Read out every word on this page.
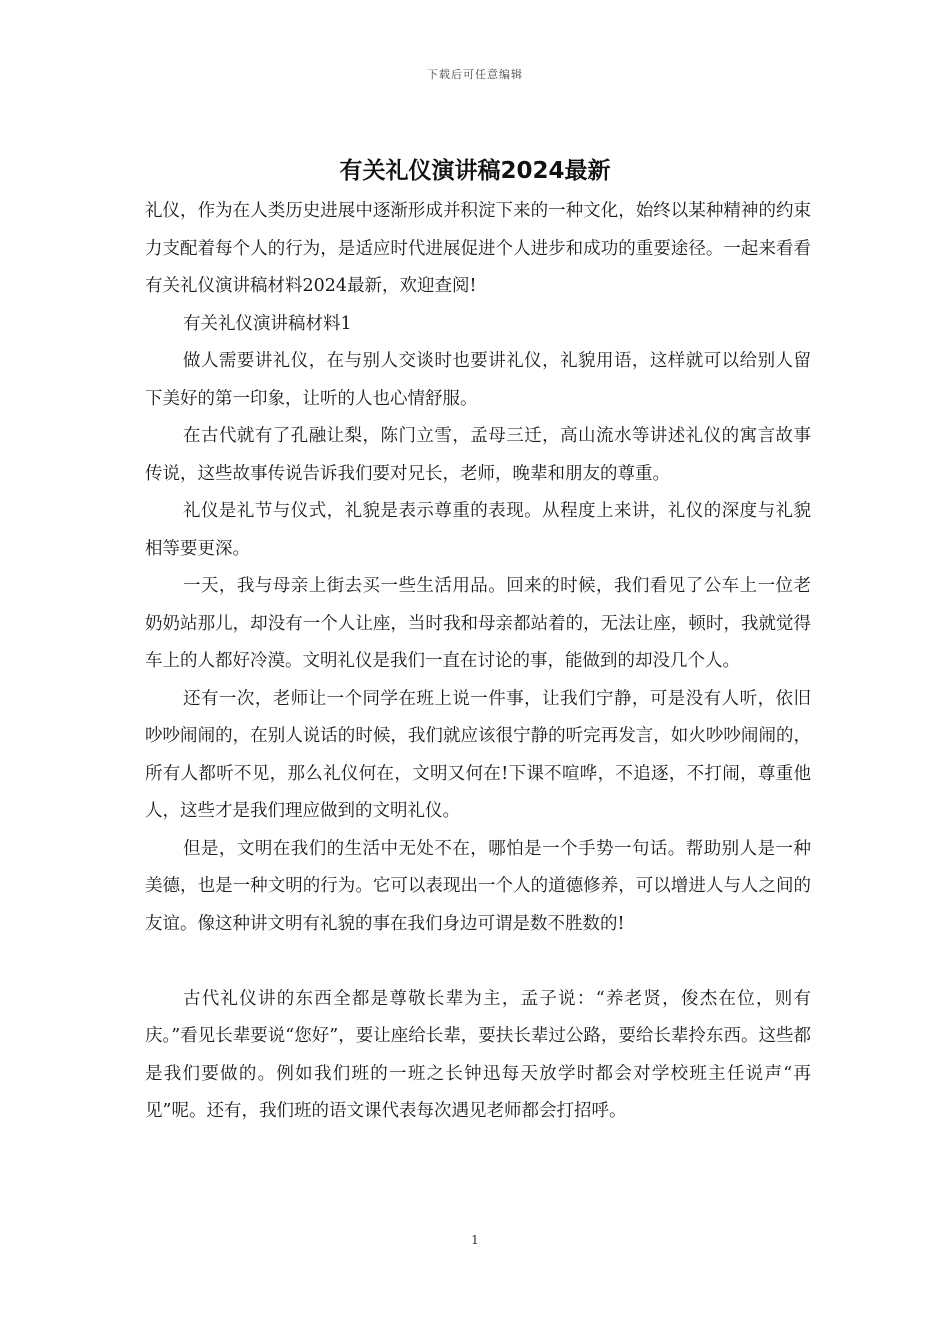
下载后可任意编辑
有关礼仪演讲稿2024最新

礼仪，作为在人类历史进展中逐渐形成并积淀下来的一种文化，始终以某种精神的约束力支配着每个人的行为，是适应时代进展促进个人进步和成功的重要途径。一起来看看有关礼仪演讲稿材料2024最新，欢迎查阅!

有关礼仪演讲稿材料1

做人需要讲礼仪，在与别人交谈时也要讲礼仪，礼貌用语，这样就可以给别人留下美好的第一印象，让听的人也心情舒服。

在古代就有了孔融让梨，陈门立雪，孟母三迁，高山流水等讲述礼仪的寓言故事传说，这些故事传说告诉我们要对兄长，老师，晚辈和朋友的尊重。

礼仪是礼节与仪式，礼貌是表示尊重的表现。从程度上来讲，礼仪的深度与礼貌相等要更深。

一天，我与母亲上街去买一些生活用品。回来的时候，我们看见了公车上一位老奶奶站那儿，却没有一个人让座，当时我和母亲都站着的，无法让座，顿时，我就觉得车上的人都好冷漠。文明礼仪是我们一直在讨论的事，能做到的却没几个人。

还有一次，老师让一个同学在班上说一件事，让我们宁静，可是没有人听，依旧吵吵闹闹的，在别人说话的时候，我们就应该很宁静的听完再发言，如火吵吵闹闹的，所有人都听不见，那么礼仪何在，文明又何在!下课不喧哗，不追逐，不打闹，尊重他人，这些才是我们理应做到的文明礼仪。

但是，文明在我们的生活中无处不在，哪怕是一个手势一句话。帮助别人是一种美德，也是一种文明的行为。它可以表现出一个人的道德修养，可以增进人与人之间的友谊。像这种讲文明有礼貌的事在我们身边可谓是数不胜数的!

古代礼仪讲的东西全都是尊敬长辈为主，孟子说：“养老贤，俊杰在位，则有庆。”看见长辈要说“您好”，要让座给长辈，要扶长辈过公路，要给长辈拎东西。这些都是我们要做的。例如我们班的一班之长钟迅每天放学时都会对学校班主任说声“再见”呢。还有，我们班的语文课代表每次遇见老师都会打招呼。

1
